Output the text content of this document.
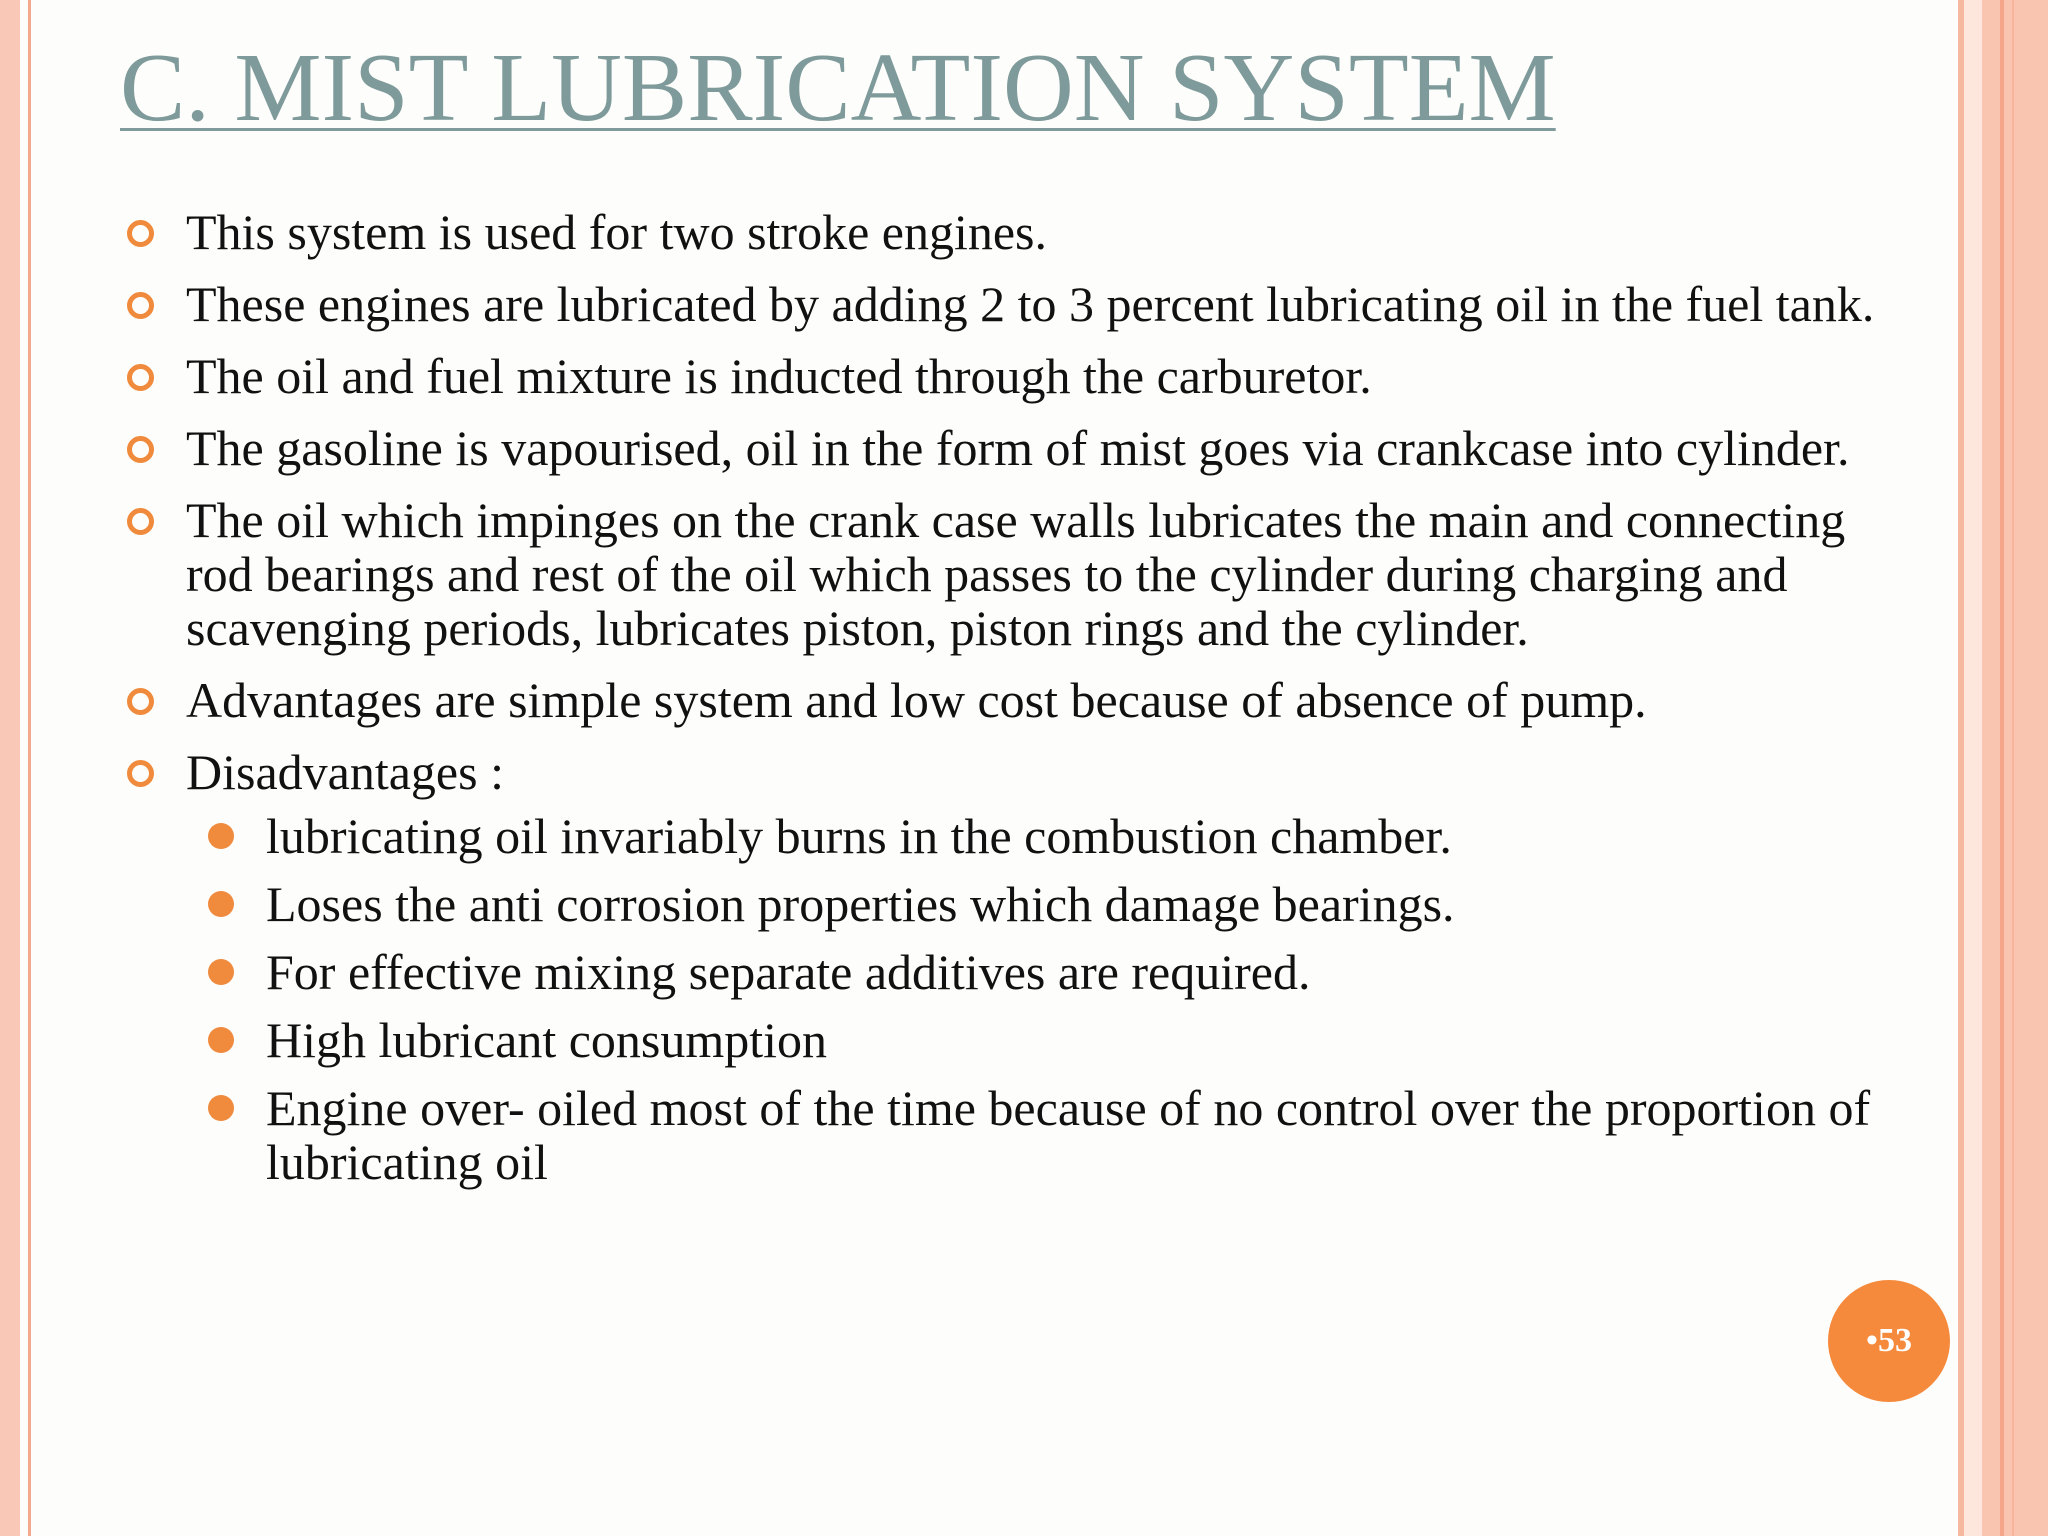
C. MIST LUBRICATION SYSTEM
This system is used for two stroke engines.
These engines are lubricated by adding 2 to 3 percent lubricating oil in the fuel tank.
The oil and fuel mixture is inducted through the carburetor.
The gasoline is vapourised, oil in the form of mist goes via crankcase into cylinder.
The oil which impinges on the crank case walls lubricates the main and connecting rod bearings and rest of the oil which passes to the cylinder during charging and scavenging periods, lubricates piston, piston rings and the cylinder.
Advantages are simple system and low cost because of absence of pump.
Disadvantages :
lubricating oil invariably burns in the combustion chamber.
Loses the anti corrosion properties which damage bearings.
For effective mixing separate additives are required.
High lubricant consumption
Engine over- oiled most of the time because of no control over the proportion of lubricating oil
•53
